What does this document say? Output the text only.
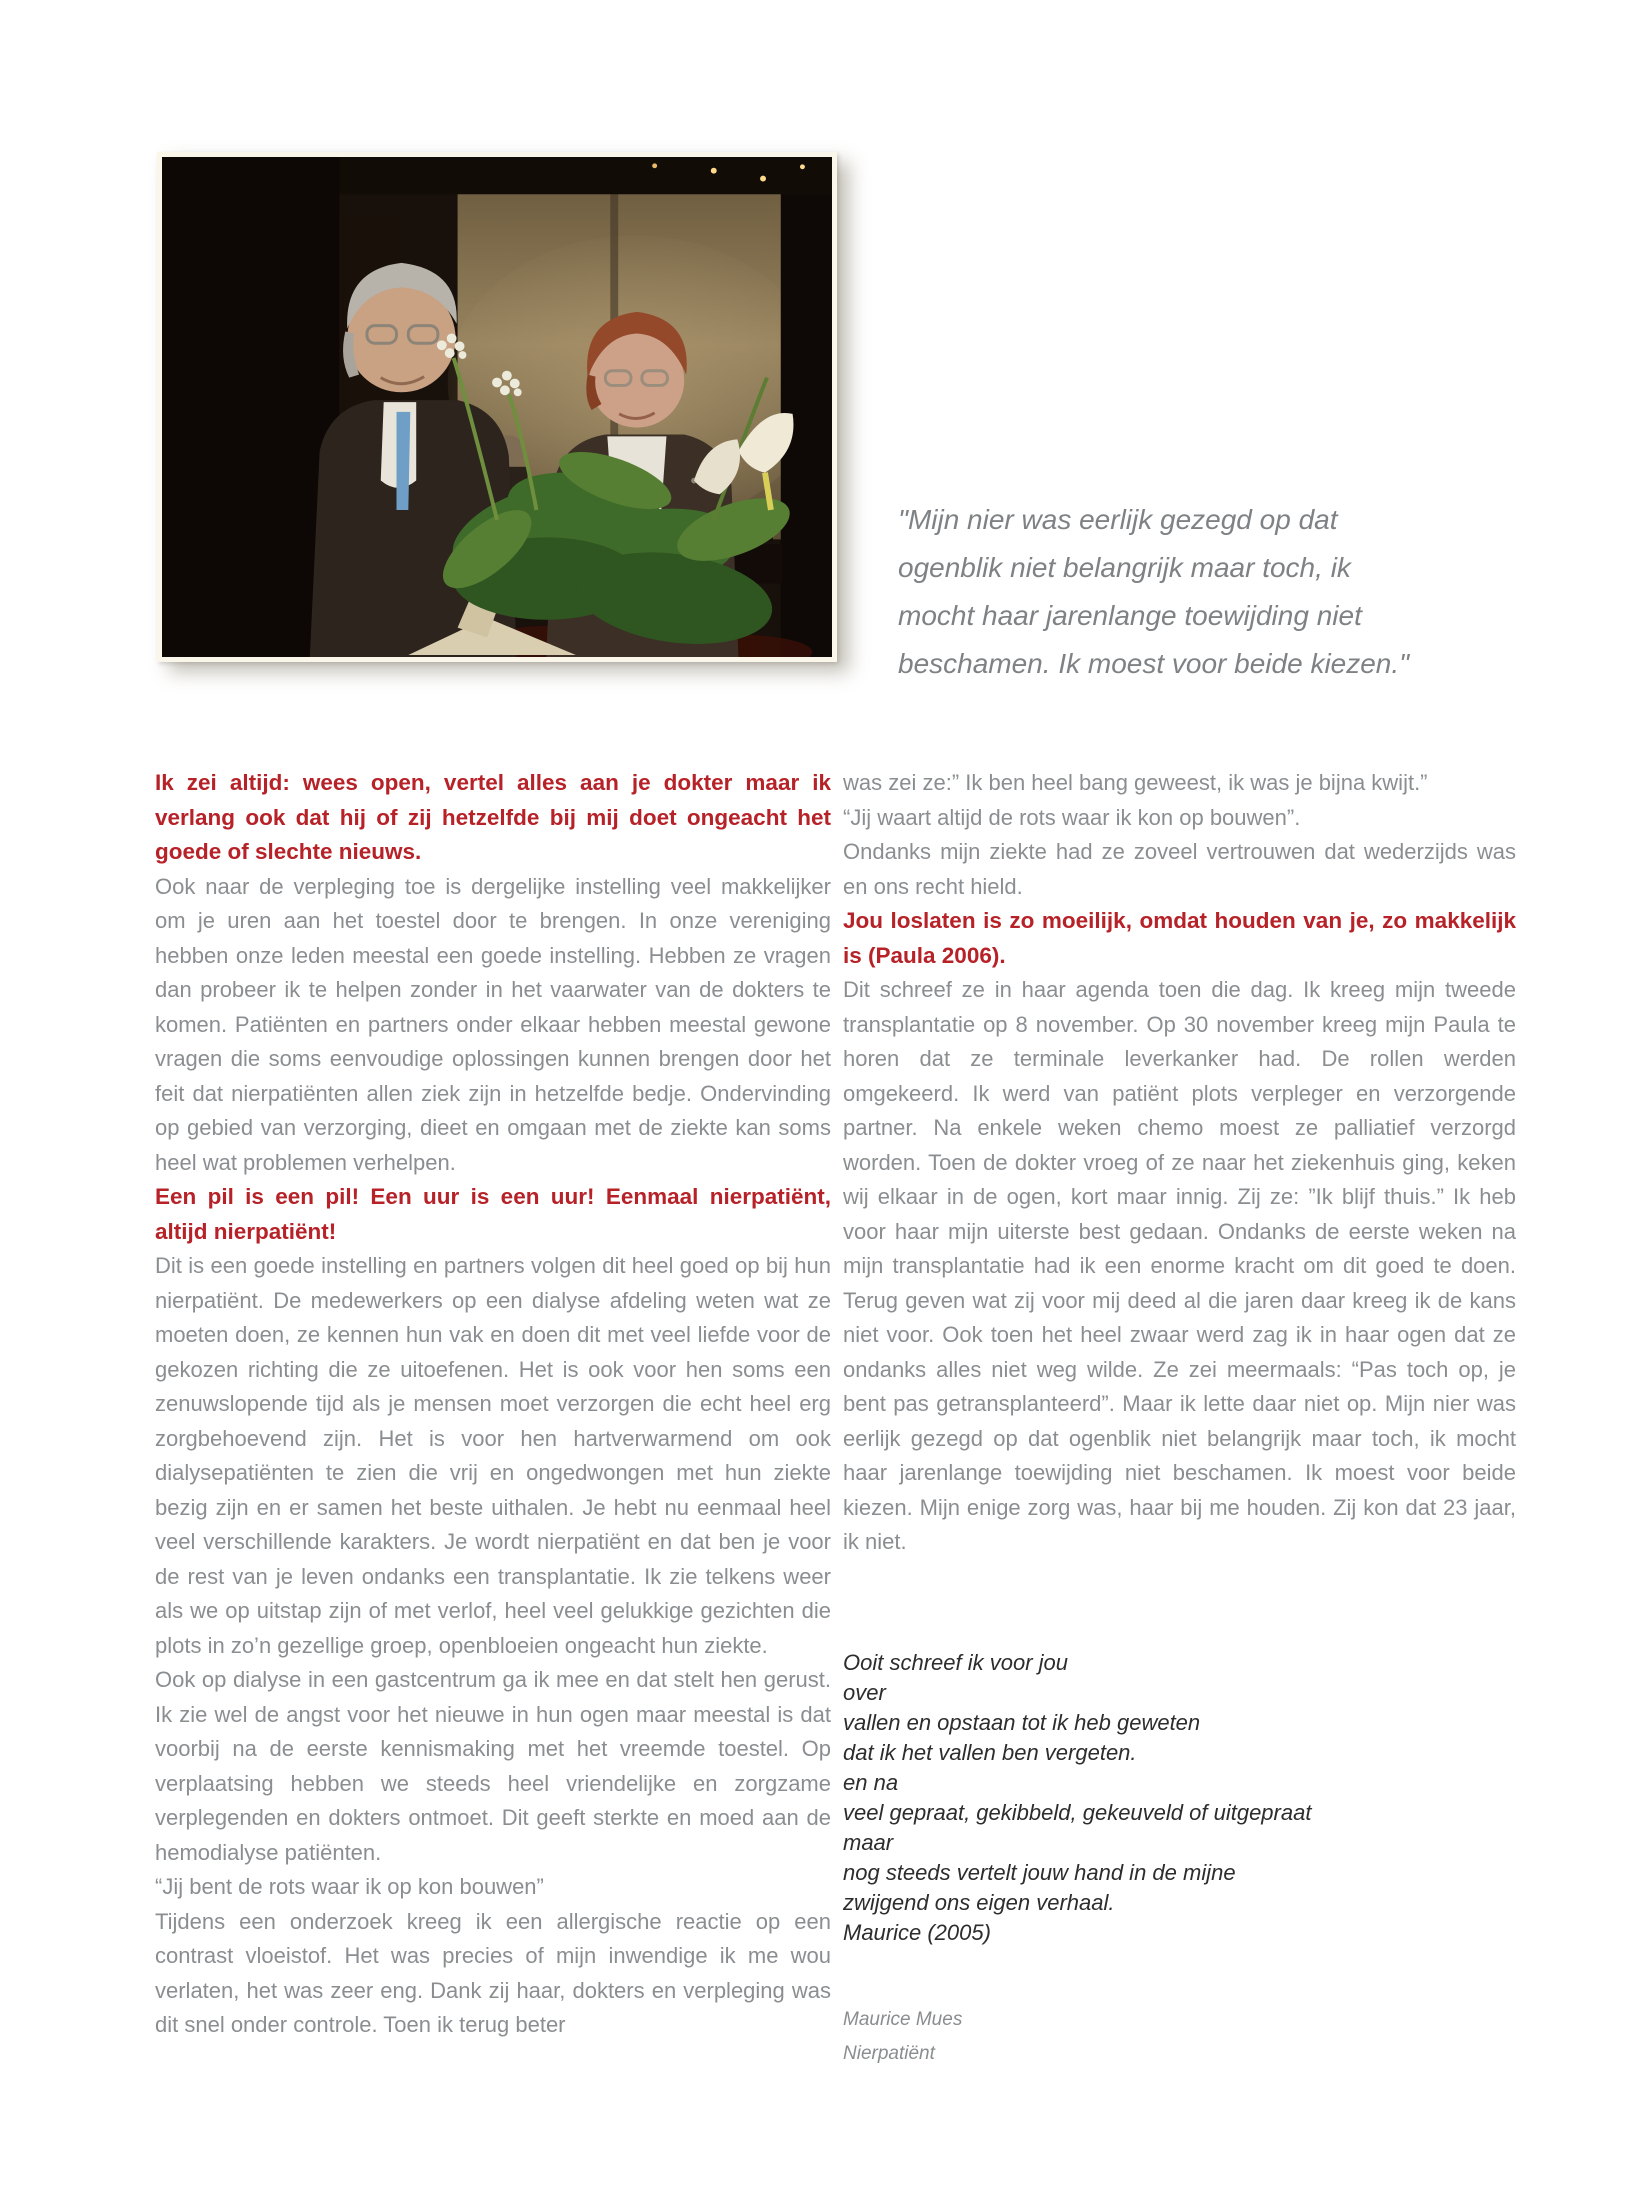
"Mijn nier was eerlijk gezegd op dat
ogenblik niet belangrijk maar toch, ik
mocht haar jarenlange toewijding niet
beschamen. Ik moest voor beide kiezen."

Ik zei altijd: wees open, vertel alles aan je dokter maar ik verlang ook dat hij of zij hetzelfde bij mij doet ongeacht het goede of slechte nieuws.

Ook naar de verpleging toe is dergelijke instelling veel makkelijker om je uren aan het toestel door te brengen. In onze vereniging hebben onze leden meestal een goede instelling. Hebben ze vragen dan probeer ik te helpen zonder in het vaarwater van de dokters te komen. Patiënten en partners onder elkaar hebben meestal gewone vragen die soms eenvoudige oplossingen kunnen brengen door het feit dat nierpatiënten allen ziek zijn in hetzelfde bedje. Ondervinding op gebied van verzorging, dieet en omgaan met de ziekte kan soms heel wat problemen verhelpen.

Een pil is een pil! Een uur is een uur! Eenmaal nierpatiënt, altijd nierpatiënt!

Dit is een goede instelling en partners volgen dit heel goed op bij hun nierpatiënt. De medewerkers op een dialyse afdeling weten wat ze moeten doen, ze kennen hun vak en doen dit met veel liefde voor de gekozen richting die ze uitoefenen. Het is ook voor hen soms een zenuwslopende tijd als je mensen moet verzorgen die echt heel erg zorgbehoevend zijn. Het is voor hen hartverwarmend om ook dialysepatiënten te zien die vrij en ongedwongen met hun ziekte bezig zijn en er samen het beste uithalen. Je hebt nu eenmaal heel veel verschillende karakters. Je wordt nierpatiënt en dat ben je voor de rest van je leven ondanks een transplantatie. Ik zie telkens weer als we op uitstap zijn of met verlof, heel veel gelukkige gezichten die plots in zo’n gezellige groep, openbloeien ongeacht hun ziekte.

Ook op dialyse in een gastcentrum ga ik mee en dat stelt hen gerust. Ik zie wel de angst voor het nieuwe in hun ogen maar meestal is dat voorbij na de eerste kennismaking met het vreemde toestel. Op verplaatsing hebben we steeds heel vriendelijke en zorgzame verplegenden en dokters ontmoet. Dit geeft sterkte en moed aan de hemodialyse patiënten.

“Jij bent de rots waar ik op kon bouwen”

Tijdens een onderzoek kreeg ik een allergische reactie op een contrast vloeistof. Het was precies of mijn inwendige ik me wou verlaten, het was zeer eng. Dank zij haar, dokters en verpleging was dit snel onder controle. Toen ik terug beter

was zei ze:” Ik ben heel bang geweest, ik was je bijna kwijt.”

“Jij waart altijd de rots waar ik kon op bouwen”.

Ondanks mijn ziekte had ze zoveel vertrouwen dat wederzijds was en ons recht hield.

Jou loslaten is zo moeilijk, omdat houden van je, zo makkelijk is (Paula 2006).

Dit schreef ze in haar agenda toen die dag. Ik kreeg mijn tweede transplantatie op 8 november. Op 30 november kreeg mijn Paula te horen dat ze terminale leverkanker had. De rollen werden omgekeerd. Ik werd van patiënt plots verpleger en verzorgende partner. Na enkele weken chemo moest ze palliatief verzorgd worden. Toen de dokter vroeg of ze naar het ziekenhuis ging, keken wij elkaar in de ogen, kort maar innig. Zij ze: ”Ik blijf thuis.” Ik heb voor haar mijn uiterste best gedaan. Ondanks de eerste weken na mijn transplantatie had ik een enorme kracht om dit goed te doen. Terug geven wat zij voor mij deed al die jaren daar kreeg ik de kans niet voor. Ook toen het heel zwaar werd zag ik in haar ogen dat ze ondanks alles niet weg wilde. Ze zei meermaals: “Pas toch op, je bent pas getransplanteerd”. Maar ik lette daar niet op. Mijn nier was eerlijk gezegd op dat ogenblik niet belangrijk maar toch, ik mocht haar jarenlange toewijding niet beschamen. Ik moest voor beide kiezen. Mijn enige zorg was, haar bij me houden. Zij kon dat 23 jaar, ik niet.

Ooit schreef ik voor jou
over
vallen en opstaan tot ik heb geweten
dat ik het vallen ben vergeten.
en na
veel gepraat, gekibbeld, gekeuveld of uitgepraat
maar
nog steeds vertelt jouw hand in de mijne
zwijgend ons eigen verhaal.
Maurice (2005)
Maurice Mues
Nierpatiënt
